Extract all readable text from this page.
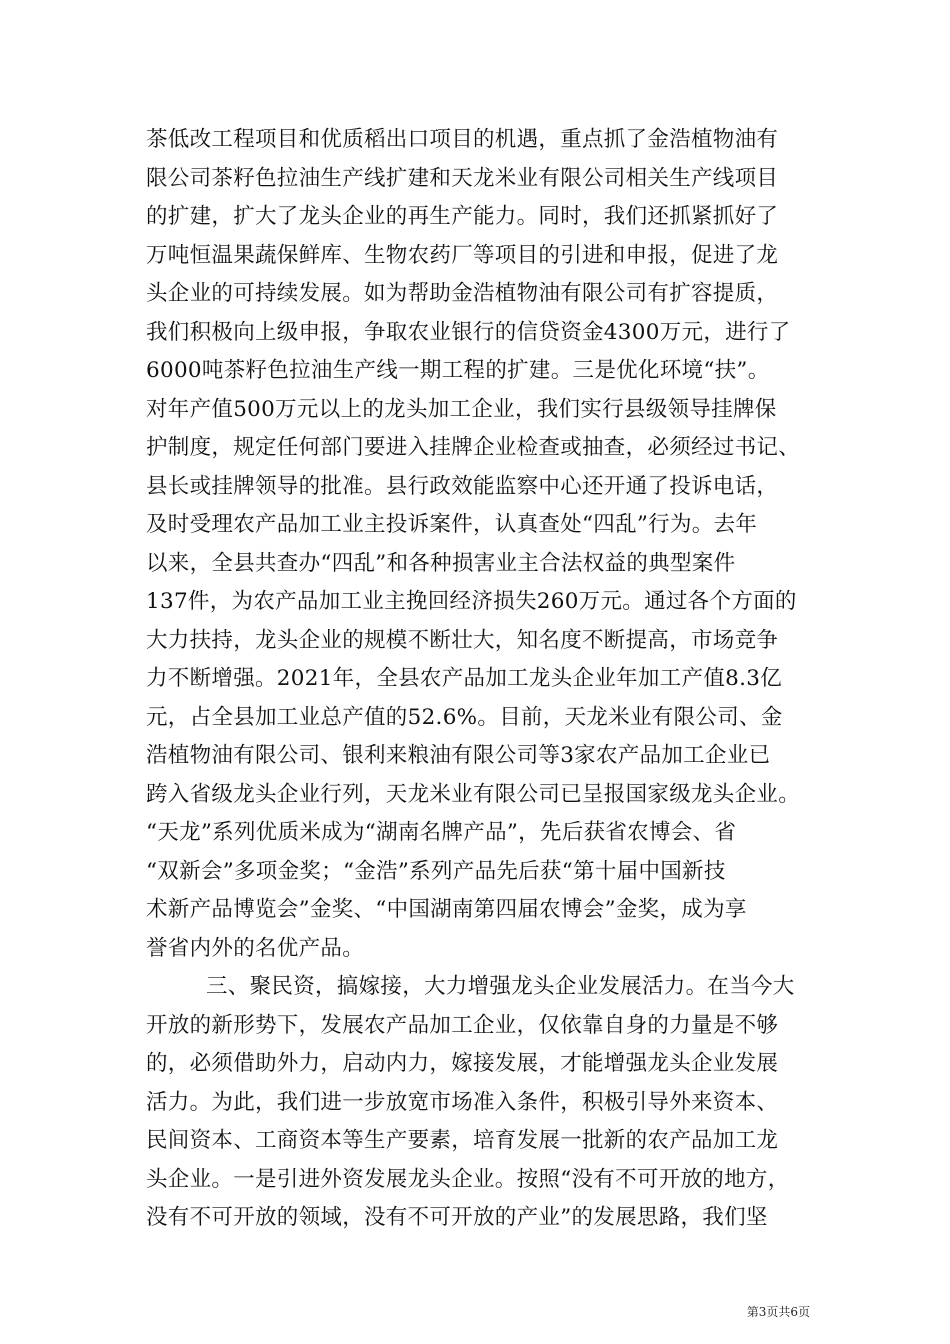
茶低改工程项目和优质稻出口项目的机遇，重点抓了金浩植物油有
限公司茶籽色拉油生产线扩建和天龙米业有限公司相关生产线项目
的扩建，扩大了龙头企业的再生产能力。同时，我们还抓紧抓好了
万吨恒温果蔬保鲜库、生物农药厂等项目的引进和申报，促进了龙
头企业的可持续发展。如为帮助金浩植物油有限公司有扩容提质，
我们积极向上级申报，争取农业银行的信贷资金4300万元，进行了
6000吨茶籽色拉油生产线一期工程的扩建。三是优化环境“扶”。
对年产值500万元以上的龙头加工企业，我们实行县级领导挂牌保
护制度，规定任何部门要进入挂牌企业检查或抽查，必须经过书记、
县长或挂牌领导的批准。县行政效能监察中心还开通了投诉电话，
及时受理农产品加工业主投诉案件，认真查处“四乱”行为。去年
以来，全县共查办“四乱”和各种损害业主合法权益的典型案件
137件，为农产品加工业主挽回经济损失260万元。通过各个方面的
大力扶持，龙头企业的规模不断壮大，知名度不断提高，市场竞争
力不断增强。2021年，全县农产品加工龙头企业年加工产值8.3亿
元，占全县加工业总产值的52.6%。目前，天龙米业有限公司、金
浩植物油有限公司、银利来粮油有限公司等3家农产品加工企业已
跨入省级龙头企业行列，天龙米业有限公司已呈报国家级龙头企业。
“天龙”系列优质米成为“湖南名牌产品”，先后获省农博会、省
“双新会”多项金奖；“金浩”系列产品先后获“第十届中国新技
术新产品博览会”金奖、“中国湖南第四届农博会”金奖，成为享
誉省内外的名优产品。
三、聚民资，搞嫁接，大力增强龙头企业发展活力。在当今大
开放的新形势下，发展农产品加工企业，仅依靠自身的力量是不够
的，必须借助外力，启动内力，嫁接发展，才能增强龙头企业发展
活力。为此，我们进一步放宽市场准入条件，积极引导外来资本、
民间资本、工商资本等生产要素，培育发展一批新的农产品加工龙
头企业。一是引进外资发展龙头企业。按照“没有不可开放的地方，
没有不可开放的领域，没有不可开放的产业”的发展思路，我们坚
第3页共6页
